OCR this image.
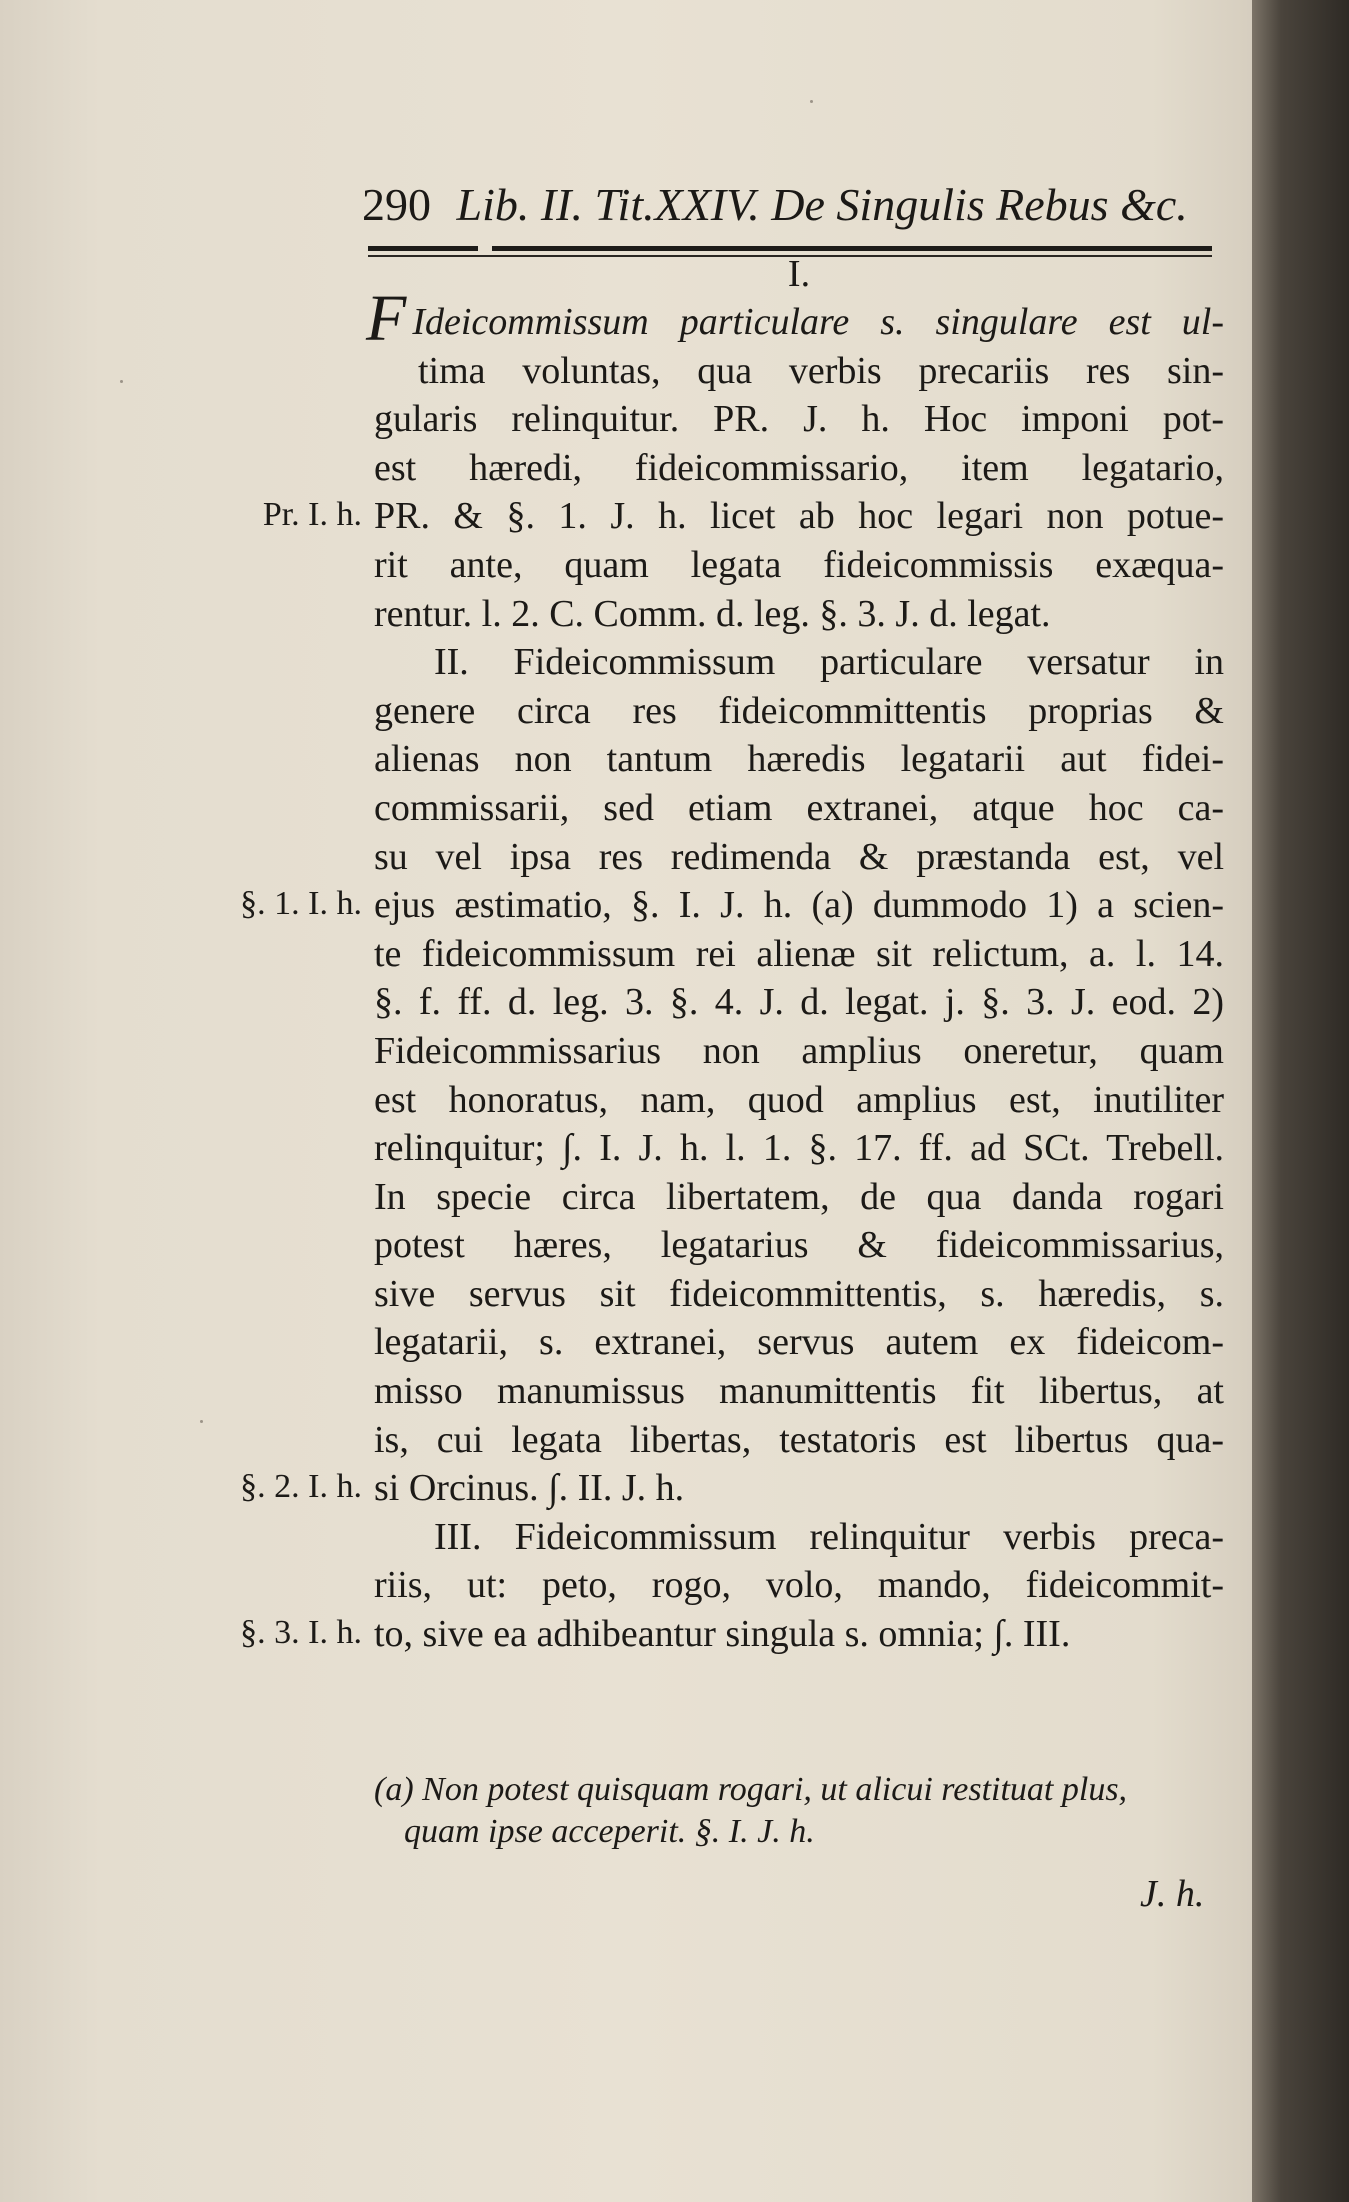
290 Lib. II. Tit.XXIV. De Singulis Rebus &c.
I.
F Ideicommissum particulare s. singulare est ul-
tima voluntas, qua verbis precariis res sin-
gularis relinquitur. PR. J. h. Hoc imponi pot-
est hæredi, fideicommissario, item legatario,
PR. & §. 1. J. h. licet ab hoc legari non potue-
rit ante, quam legata fideicommissis exæqua-
rentur. l. 2. C. Comm. d. leg. §. 3. J. d. legat.
II. Fideicommissum particulare versatur in
genere circa res fideicommittentis proprias &
alienas non tantum hæredis legatarii aut fidei-
commissarii, sed etiam extranei, atque hoc ca-
su vel ipsa res redimenda & præstanda est, vel
ejus æstimatio, §. I. J. h. (a) dummodo 1) a scien-
te fideicommissum rei alienæ sit relictum, a. l. 14.
§. f. ff. d. leg. 3. §. 4. J. d. legat. j. §. 3. J. eod. 2)
Fideicommissarius non amplius oneretur, quam
est honoratus, nam, quod amplius est, inutiliter
relinquitur; ∫. I. J. h. l. 1. §. 17. ff. ad SCt. Trebell.
In specie circa libertatem, de qua danda rogari
potest hæres, legatarius & fideicommissarius,
sive servus sit fideicommittentis, s. hæredis, s.
legatarii, s. extranei, servus autem ex fideicom-
misso manumissus manumittentis fit libertus, at
is, cui legata libertas, testatoris est libertus qua-
si Orcinus. ∫. II. J. h.
III. Fideicommissum relinquitur verbis preca-
riis, ut: peto, rogo, volo, mando, fideicommit-
to, sive ea adhibeantur singula s. omnia; ∫. III.
Pr. I. h.
§. 1. I. h.
§. 2. I. h.
§. 3. I. h.
(a) Non potest quisquam rogari, ut alicui restituat plus,
quam ipse acceperit. §. I. J. h.
J. h.
